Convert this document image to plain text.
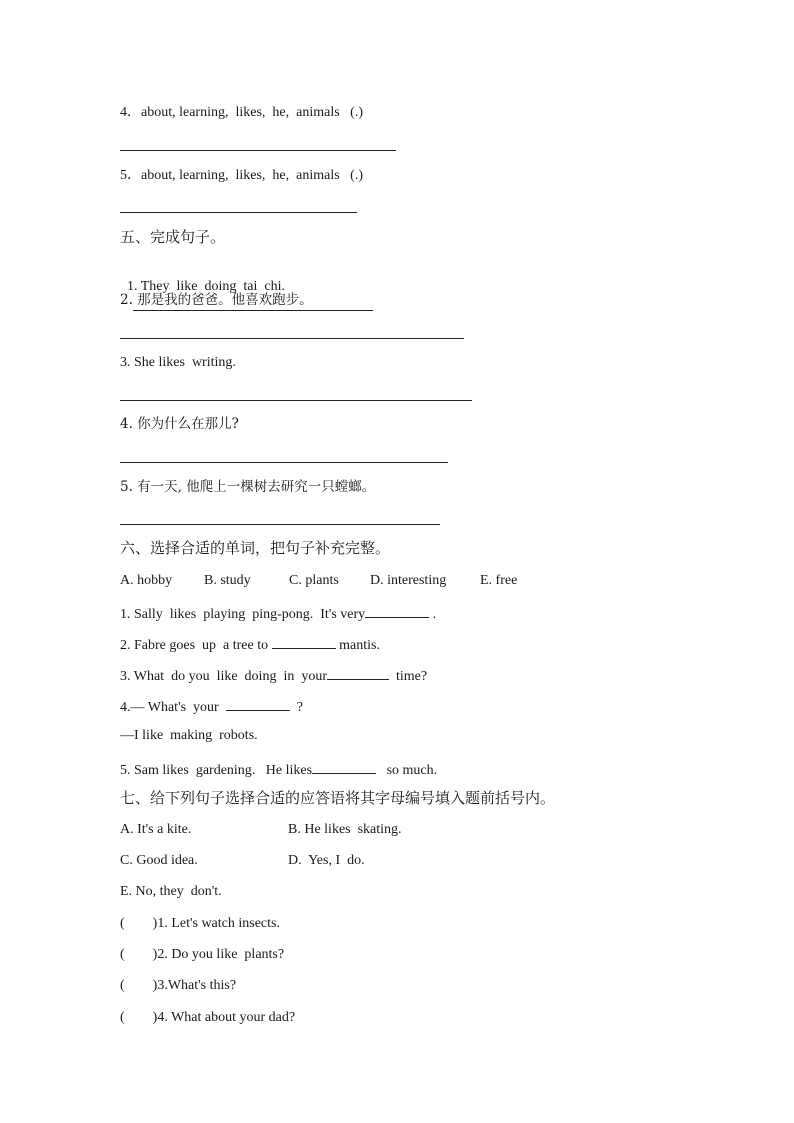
4．about, learning,  likes,  he,  animals   (.)
5．about, learning,  likes,  he,  animals   (.)
五、完成句子。

1. They  like  doing  tai  chi.

2. 那是我的爸爸。他喜欢跑步。
3. She likes  writing.
4. 你为什么在那儿?
5. 有一天, 他爬上一棵树去研究一只螳螂。
六、选择合适的单词，把句子补充完整。
A. hobby B. study	C. plants D. interesting E. free
1. Sally  likes  playing  ping-pong.  It's very	.
2. Fabre goes  up  a tree to	mantis.
3. What  do you  like  doing  in  your	time?
4.— What's  your	?
—I like  making  robots.
5. Sam likes  gardening.   He likes	so much.
七、给下列句子选择合适的应答语将其字母编号填入题前括号内。
A. It's a kite.	B. He likes  skating.
C. Good idea.	D.  Yes, I  do.
E. No, they  don't.
(        )1. Let's watch insects.
(        )2. Do you like  plants?
(        )3.What's this?
(        )4. What about your dad?
